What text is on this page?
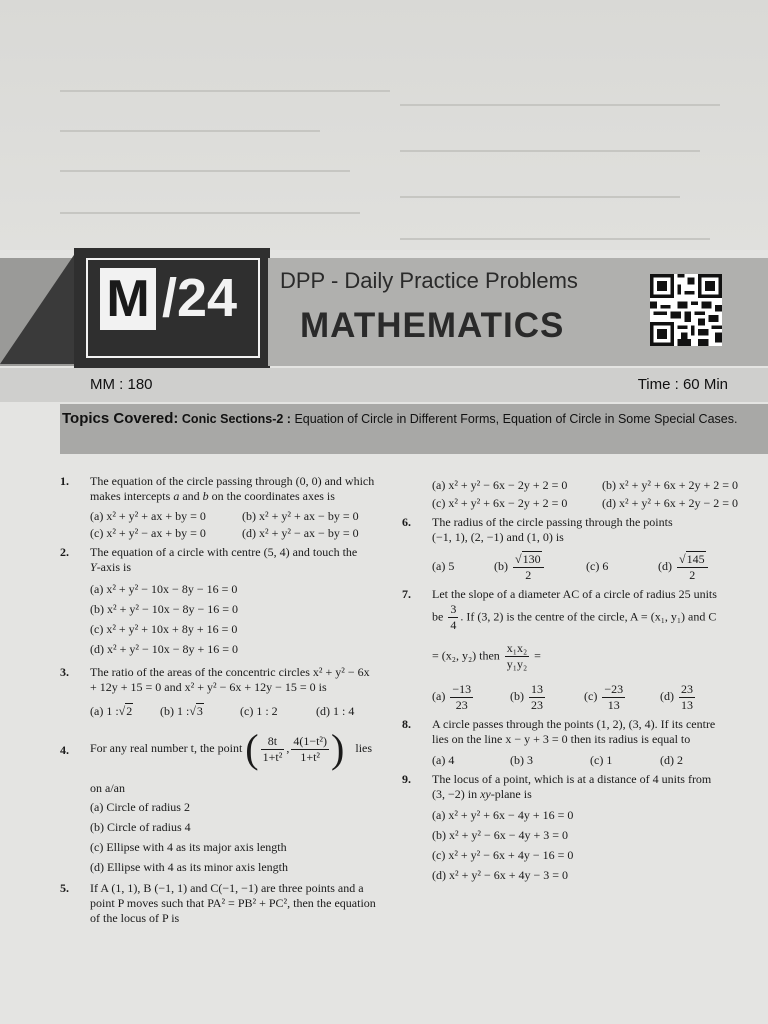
M /24 DPP - Daily Practice Problems
MATHEMATICS
MM : 180	Time : 60 Min
Topics Covered: Conic Sections-2 : Equation of Circle in Different Forms, Equation of Circle in Some Special Cases.
1. The equation of the circle passing through (0, 0) and which
makes intercepts a and b on the coordinates axes is
(a) x² + y² + ax + by = 0	(b) x² + y² + ax − by = 0
(c) x² + y² − ax + by = 0	(d) x² + y² − ax − by = 0
2. The equation of a circle with centre (5, 4) and touch the
Y-axis is
(a) x² + y² − 10x − 8y − 16 = 0
(b) x² + y² − 10x − 8y − 16 = 0
(c) x² + y² + 10x + 8y + 16 = 0
(d) x² + y² − 10x − 8y + 16 = 0
3. The ratio of the areas of the concentric circles x² + y² − 6x
+ 12y + 15 = 0 and x² + y² − 6x + 12y − 15 = 0 is
(a) 1 :√2 (b) 1 :√3	(c) 1 : 2	(d) 1 : 4
4. For any real number t, the point ( $\frac{8t}{\text{1+t²}}$ , $\frac{\text{4(1−t²)}}{\text{1+t²}}$ ) lies
on a/an
(a) Circle of radius 2
(b) Circle of radius 4
(c) Ellipse with 4 as its major axis length
(d) Ellipse with 4 as its minor axis length
5. If A (1, 1), B (−1, 1) and C(−1, −1) are three points and a
point P moves such that PA² = PB² + PC², then the equation
of the locus of P is
(a) x² + y² − 6x − 2y + 2 = 0	(b) x² + y² + 6x + 2y + 2 = 0
(c) x² + y² + 6x − 2y + 2 = 0	(d) x² + y² + 6x + 2y − 2 = 0
6. The radius of the circle passing through the points
(−1, 1), (2, −1) and (1, 0) is
(a) 5	$(b) \frac{√130}{2}$	(c) 6	$(d) \frac{√145}{2}$
7. Let the slope of a diameter AC of a circle of radius 25 units
be $\frac{3}{4}$ . If (3, 2) is the centre of the circle, A = (x₁, y₁) and C

= (x₂, y₂) then $\frac{\text{x₁x₂}}{\text{y₁y₂}}$ =
$(a) \frac{-13}{23}$	$(b) \frac{13}{23}$	$(c) \frac{-23}{13}$	$(d) \frac{23}{13}$
8. A circle passes through the points (1, 2), (3, 4). If its centre
lies on the line x − y + 3 = 0 then its radius is equal to
(a) 4	(b) 3	(c) 1	(d) 2
9. The locus of a point, which is at a distance of 4 units from
(3, −2) in xy-plane is
(a) x² + y² + 6x − 4y + 16 = 0
(b) x² + y² − 6x − 4y + 3 = 0
(c) x² + y² − 6x + 4y − 16 = 0
(d) x² + y² − 6x + 4y − 3 = 0
